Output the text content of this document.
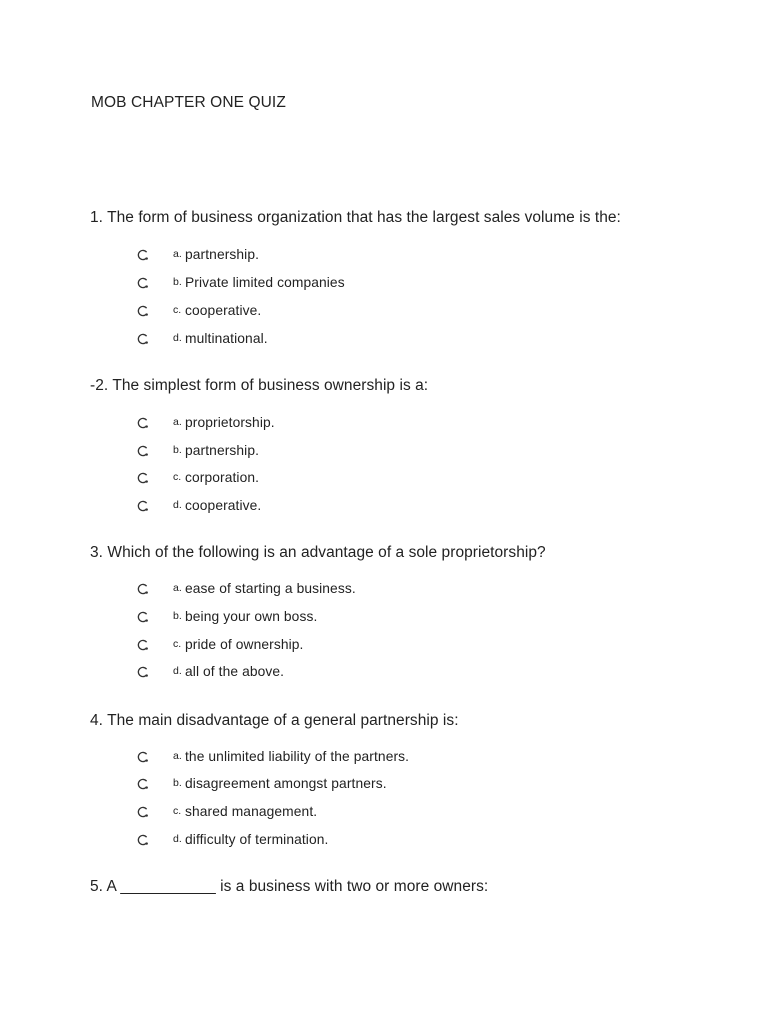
MOB CHAPTER ONE QUIZ
1. The form of business organization that has the largest sales volume is the:
a. partnership.
b. Private limited companies
c. cooperative.
d. multinational.
-2. The simplest form of business ownership is a:
a. proprietorship.
b. partnership.
c. corporation.
d. cooperative.
3. Which of the following is an advantage of a sole proprietorship?
a. ease of starting a business.
b. being your own boss.
c. pride of ownership.
d. all of the above.
4. The main disadvantage of a general partnership is:
a. the unlimited liability of the partners.
b. disagreement amongst partners.
c. shared management.
d. difficulty of termination.
5. A ___________ is a business with two or more owners:
